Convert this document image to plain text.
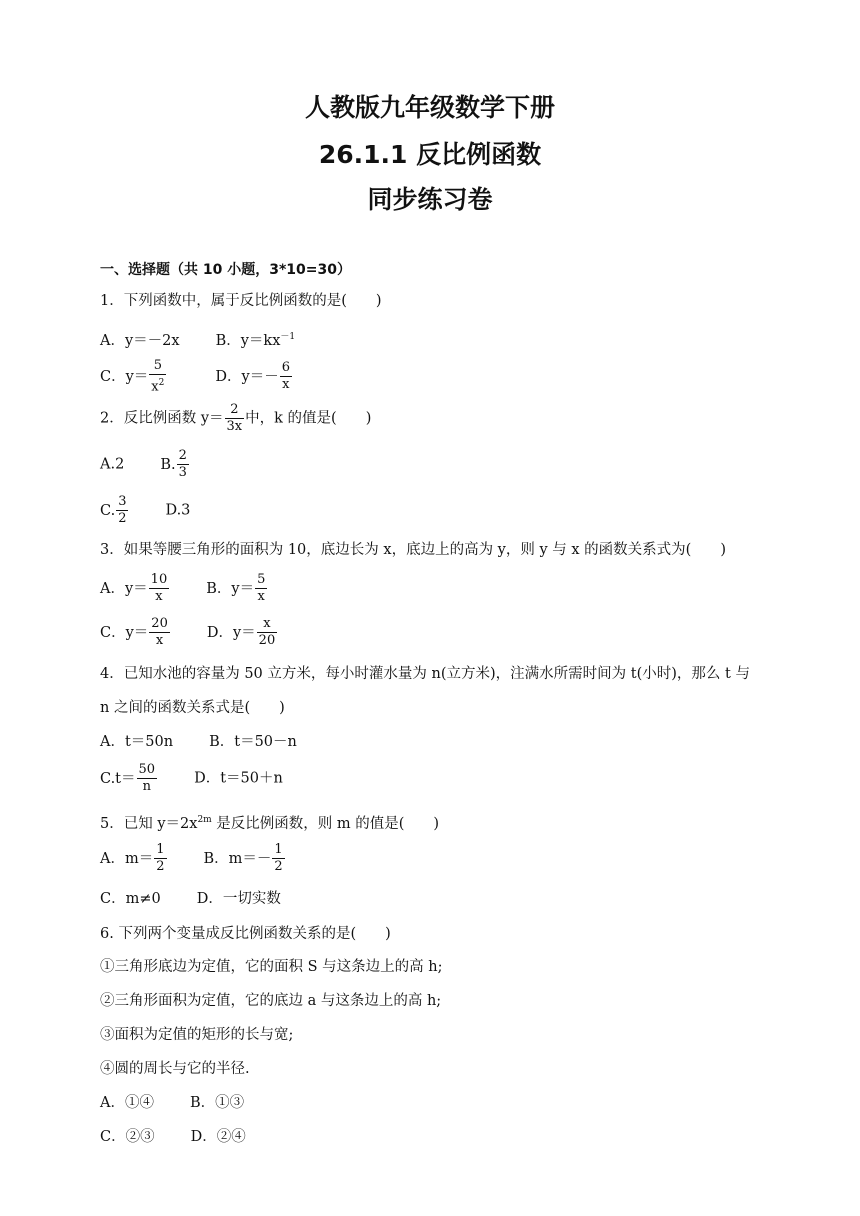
人教版九年级数学下册
26.1.1 反比例函数
同步练习卷
一、选择题（共 10 小题，3*10=30）
1．下列函数中，属于反比例函数的是(　　)
A．y＝－2x B．$y=kx^{-1}$
C．$y= \frac{5}{x^2}$	D．$y=- \frac{6}{x}$
2．反比例函数 $y= \frac{2}{3x}$ 中，k 的值是(　　)
A.2 B. $\frac{2}{3}$
C. $\frac{3}{2}$	D.3
3．如果等腰三角形的面积为 10，底边长为 x，底边上的高为 y，则 y 与 x 的函数关系式为(　　)
A．$y= \frac{10}{x}$	B．$y= \frac{5}{x}$
C．$y= \frac{20}{x}$	D．$y= \frac{x}{20}$
4．已知水池的容量为 50 立方米，每小时灌水量为 n(立方米)，注满水所需时间为 t(小时)，那么 t 与
n 之间的函数关系式是(　　)
A．t＝50n B．t＝50－n
$C.t= \frac{50}{n}$	D．t＝50＋n
5．已知 $y=2x^{2m}$ 是反比例函数，则 m 的值是(　　)
A．$m= \frac{1}{2}$	B．$m=- \frac{1}{2}$
C．m≠0 D．一切实数
6. 下列两个变量成反比例函数关系的是(　　)
①三角形底边为定值，它的面积 S 与这条边上的高 h;
②三角形面积为定值，它的底边 a 与这条边上的高 h;
③面积为定值的矩形的长与宽;
④圆的周长与它的半径.
A．①④ B．①③
C．②③ D．②④
